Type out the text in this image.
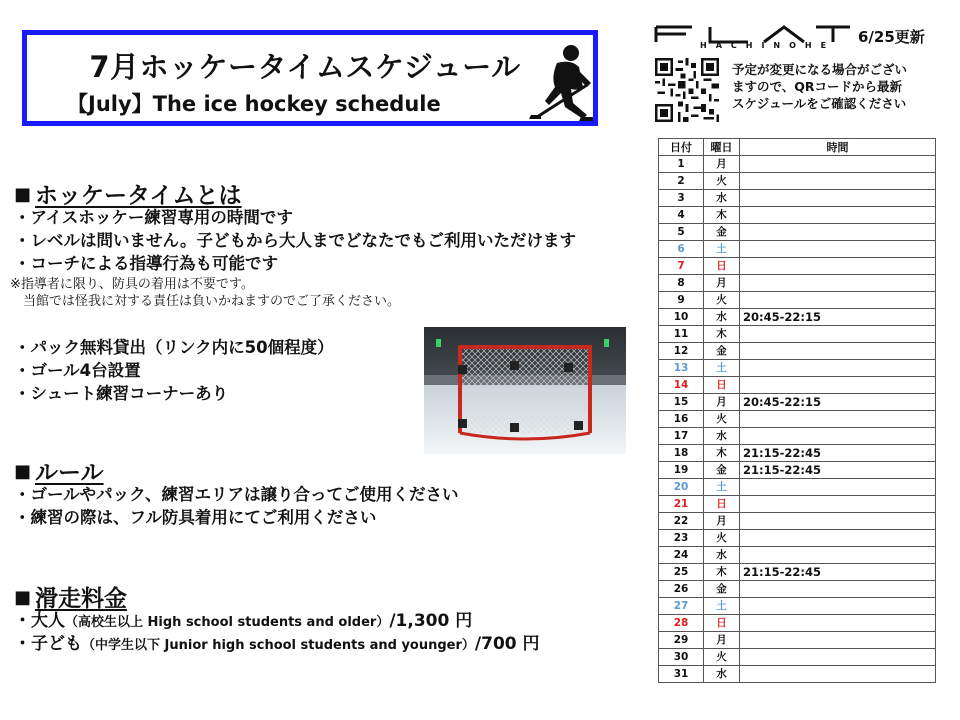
7月ホッケータイムスケジュール
【July】The ice hockey schedule
HACHINOHE 6/25更新
予定が変更になる場合がござい
ますので、QRコードから最新
スケジュールをご確認ください
■ ホッケータイムとは
・アイスホッケー練習専用の時間です
・レベルは問いません。子どもから大人までどなたでもご利用いただけます
・コーチによる指導行為も可能です
※指導者に限り、防具の着用は不要です。
　当館では怪我に対する責任は負いかねますのでご了承ください。
・パック無料貸出（リンク内に50個程度）
・ゴール4台設置
・シュート練習コーナーあり
■ ルール
・ゴールやパック、練習エリアは譲り合ってご使用ください
・練習の際は、フル防具着用にてご利用ください
■ 滑走料金
・大人（高校生以上 High school students and older）/1,300 円
・子ども（中学生以下 Junior high school students and younger）/700 円
日付	曜日	時間
1	月	
2	火	
3	水	
4	木	
5	金	
6	土	
7	日	
8	月	
9	火	
10	水	20:45-22:15
11	木	
12	金	
13	土	
14	日	
15	月	20:45-22:15
16	火	
17	水	
18	木	21:15-22:45
19	金	21:15-22:45
20	土	
21	日	
22	月	
23	火	
24	水	
25	木	21:15-22:45
26	金	
27	土	
28	日	
29	月	
30	火	
31	水	
